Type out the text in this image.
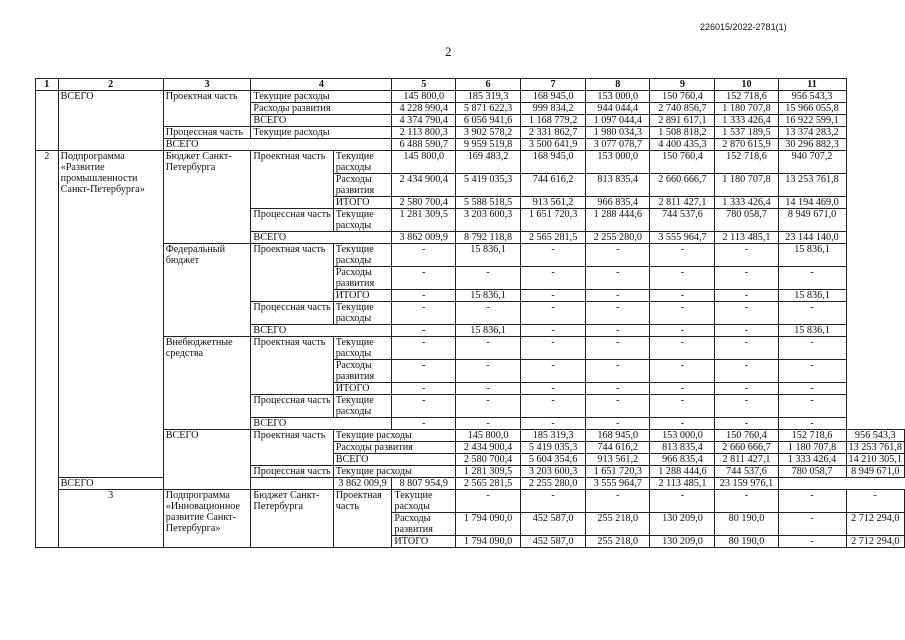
226015/2022-2781(1)
2
1	2	3	4		5	6	7	8	9	10	11	
	ВСЕГО	Проектная часть	Текущие расходы		145 800,0	185 319,3	168 945,0	153 000,0	150 760,4	152 718,6	956 543,3	
			Расходы развития		4 228 990,4	5 871 622,3	999 834,2	944 044,4	2 740 856,7	1 180 707,8	15 966 055,8	
			ВСЕГО		4 374 790,4	6 056 941,6	1 168 779,2	1 097 044,4	2 891 617,1	1 333 426,4	16 922 599,1	
		Процессная часть	Текущие расходы		2 113 800,3	3 902 578,2	2 331 862,7	1 980 034,3	1 508 818,2	1 537 189,5	13 374 283,2	
		ВСЕГО			6 488 590,7	9 959 519,8	3 500 641,9	3 077 078,7	4 400 435,3	2 870 615,9	30 296 882,3	
2	Подпрограмма «Развитие промышленности Санкт-Петербурга»	Бюджет Санкт-Петербурга	Проектная часть	Текущие расходы	145 800,0	169 483,2	168 945,0	153 000,0	150 760,4	152 718,6	940 707,2	
				Расходы развития	2 434 900,4	5 419 035,3	744 616,2	813 835,4	2 660 666,7	1 180 707,8	13 253 761,8	
				ИТОГО	2 580 700,4	5 588 518,5	913 561,2	966 835,4	2 811 427,1	1 333 426,4	14 194 469,0	
			Процессная часть	Текущие расходы	1 281 309,5	3 203 600,3	1 651 720,3	1 288 444,6	744 537,6	780 058,7	8 949 671,0	
			ВСЕГО		3 862 009,9	8 792 118,8	2 565 281,5	2 255 280,0	3 555 964,7	2 113 485,1	23 144 140,0	
		Федеральный бюджет	Проектная часть	Текущие расходы	-	15 836,1	-	-	-	-	15 836,1	
				Расходы развития	-	-	-	-	-	-	-	
				ИТОГО	-	15 836,1	-	-	-	-	15 836,1	
			Процессная часть	Текущие расходы	-	-	-	-	-	-	-	
			ВСЕГО		-	15 836,1	-	-	-	-	15 836,1	
		Внебюджетные средства	Проектная часть	Текущие расходы	-	-	-	-	-	-	-	
				Расходы развития	-	-	-	-	-	-	-	
				ИТОГО	-	-	-	-	-	-	-	
			Процессная часть	Текущие расходы	-	-	-	-	-	-	-	
			ВСЕГО		-	-	-	-	-	-	-	
		ВСЕГО	Проектная часть	Текущие расходы		145 800,0	185 319,3	168 945,0	153 000,0	150 760,4	152 718,6	956 543,3
				Расходы развития		2 434 900,4	5 419 035,3	744 616,2	813 835,4	2 660 666,7	1 180 707,8	13 253 761,8
				ВСЕГО		2 580 700,4	5 604 354,6	913 561,2	966 835,4	2 811 427,1	1 333 426,4	14 210 305,1
			Процессная часть	Текущие расходы		1 281 309,5	3 203 600,3	1 651 720,3	1 288 444,6	744 537,6	780 058,7	8 949 671,0
	ВСЕГО			3 862 009,9	8 807 954,9	2 565 281,5	2 255 280,0	3 555 964,7	2 113 485,1	23 159 976,1		
	3	Подпрограмма «Инновационное развитие Санкт-Петербурга»	Бюджет Санкт-Петербурга	Проектная часть	Текущие расходы	-	-	-	-	-	-	-
					Расходы развития	1 794 090,0	452 587,0	255 218,0	130 209,0	80 190,0	-	2 712 294,0
					ИТОГО	1 794 090,0	452 587,0	255 218,0	130 209,0	80 190,0	-	2 712 294,0
